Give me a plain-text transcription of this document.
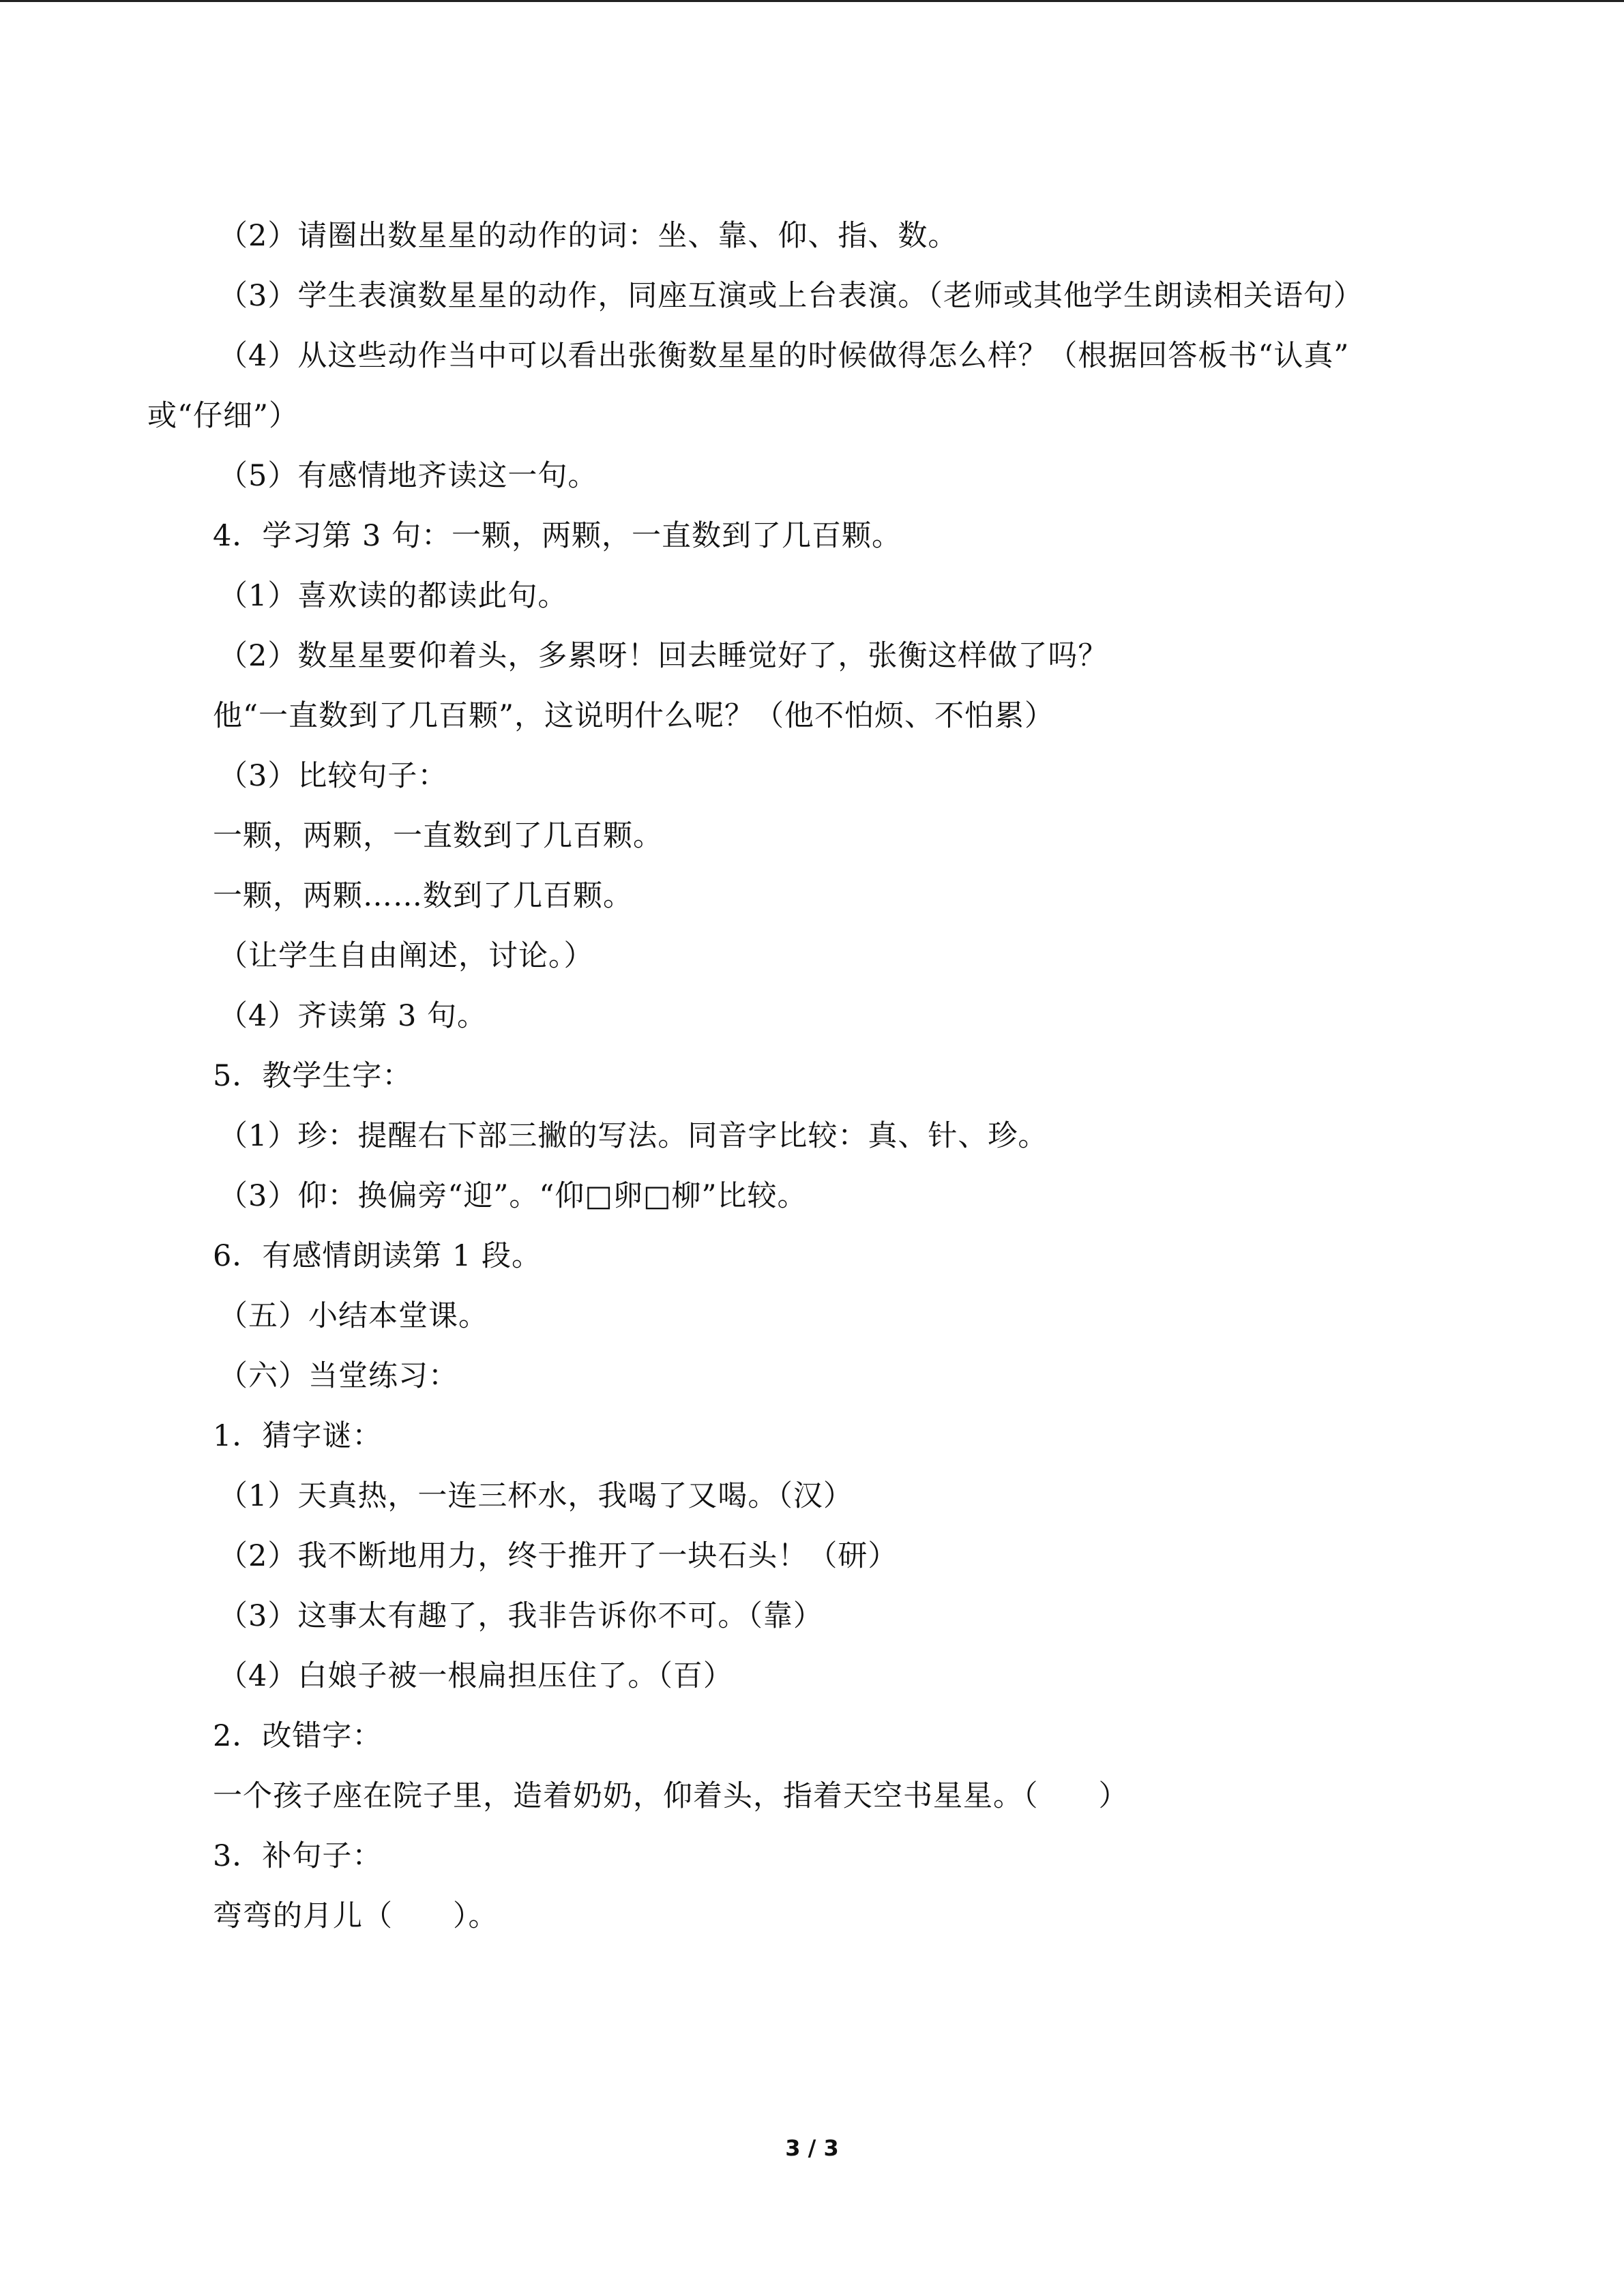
（2）请圈出数星星的动作的词：坐、靠、仰、指、数。
（3）学生表演数星星的动作，同座互演或上台表演。（老师或其他学生朗读相关语句）
（4）从这些动作当中可以看出张衡数星星的时候做得怎么样？（根据回答板书“认真”
或“仔细”）
（5）有感情地齐读这一句。
4．学习第 3 句：一颗，两颗，一直数到了几百颗。
（1）喜欢读的都读此句。
（2）数星星要仰着头，多累呀！回去睡觉好了，张衡这样做了吗？
他“一直数到了几百颗”，这说明什么呢？（他不怕烦、不怕累）
（3）比较句子：
一颗，两颗，一直数到了几百颗。
一颗，两颗……数到了几百颗。
（让学生自由阐述，讨论。）
（4）齐读第 3 句。
5．教学生字：
（1）珍：提醒右下部三撇的写法。同音字比较：真、针、珍。
（3）仰：换偏旁“迎”。“仰□卵□柳”比较。
6．有感情朗读第 1 段。
（五）小结本堂课。
（六）当堂练习：
1．猜字谜：
（1）天真热，一连三杯水，我喝了又喝。（汉）
（2）我不断地用力，终于推开了一块石头！（研）
（3）这事太有趣了，我非告诉你不可。（靠）
（4）白娘子被一根扁担压住了。（百）
2．改错字：
一个孩子座在院子里，造着奶奶，仰着头，指着天空书星星。（　　）
3．补句子：
弯弯的月儿（　　）。
3 / 3
